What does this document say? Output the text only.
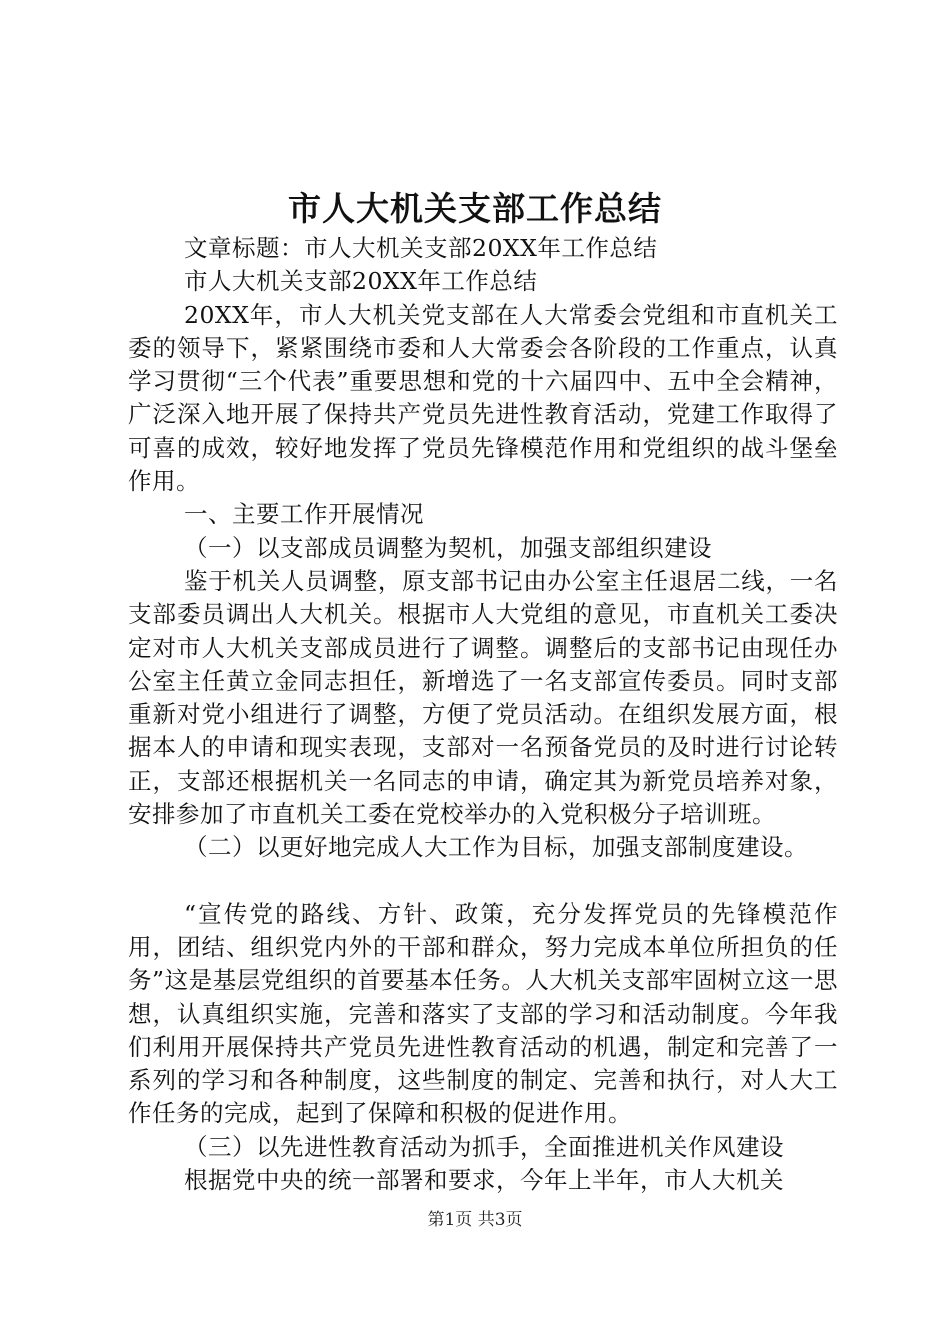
市人大机关支部工作总结

文章标题：市人大机关支部20XX年工作总结

市人大机关支部20XX年工作总结

20XX年，市人大机关党支部在人大常委会党组和市直机关工委的领导下，紧紧围绕市委和人大常委会各阶段的工作重点，认真学习贯彻“三个代表”重要思想和党的十六届四中、五中全会精神，广泛深入地开展了保持共产党员先进性教育活动，党建工作取得了可喜的成效，较好地发挥了党员先锋模范作用和党组织的战斗堡垒作用。

一、主要工作开展情况

（一）以支部成员调整为契机，加强支部组织建设

鉴于机关人员调整，原支部书记由办公室主任退居二线，一名支部委员调出人大机关。根据市人大党组的意见，市直机关工委决定对市人大机关支部成员进行了调整。调整后的支部书记由现任办公室主任黄立金同志担任，新增选了一名支部宣传委员。同时支部重新对党小组进行了调整，方便了党员活动。在组织发展方面，根据本人的申请和现实表现，支部对一名预备党员的及时进行讨论转正，支部还根据机关一名同志的申请，确定其为新党员培养对象，安排参加了市直机关工委在党校举办的入党积极分子培训班。

（二）以更好地完成人大工作为目标，加强支部制度建设。

“宣传党的路线、方针、政策，充分发挥党员的先锋模范作用，团结、组织党内外的干部和群众，努力完成本单位所担负的任务”这是基层党组织的首要基本任务。人大机关支部牢固树立这一思想，认真组织实施，完善和落实了支部的学习和活动制度。今年我们利用开展保持共产党员先进性教育活动的机遇，制定和完善了一系列的学习和各种制度，这些制度的制定、完善和执行，对人大工作任务的完成，起到了保障和积极的促进作用。

（三）以先进性教育活动为抓手，全面推进机关作风建设

根据党中央的统一部署和要求，今年上半年，市人大机关

第1页 共3页
